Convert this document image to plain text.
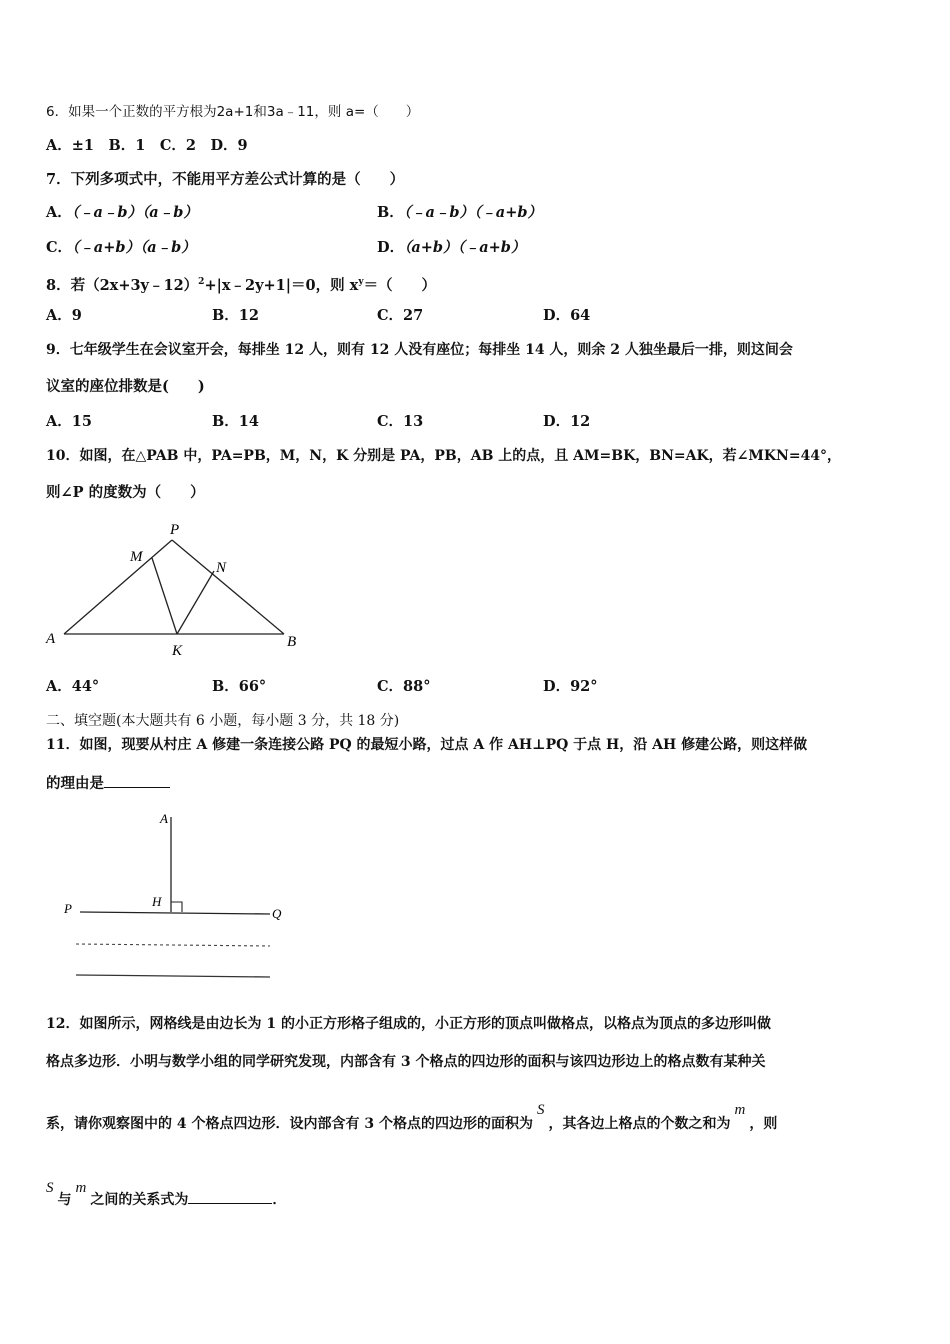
6．如果一个正数的平方根为2a+1和3a﹣11，则 a=（　　）
A．±1　B．1　C．2　D．9
7．下列多项式中，不能用平方差公式计算的是（　　）
A．（﹣a﹣b）（a﹣b）	B．（﹣a﹣b）（﹣a+b）
C．（﹣a+b）（a﹣b）	D．（a+b）（﹣a+b）
8．若（2x+3y﹣12）$^2$+|x﹣2y+1|＝0，则 $x^y=$（　　）
A．9	B．12	C．27	D．64
9．七年级学生在会议室开会，每排坐 12 人，则有 12 人没有座位；每排坐 14 人，则余 2 人独坐最后一排，则这间会
议室的座位排数是(　　)
A．15	B．14	C．13	D．12
10．如图，在△PAB 中，PA=PB，M，N，K 分别是 PA，PB，AB 上的点，且 AM=BK，BN=AK，若∠MKN=44°，
则∠P 的度数为（　　）
P
M
N
A
K
B
A．44°	B．66°	C．88°	D．92°
二、填空题(本大题共有 6 小题，每小题 3 分，共 18 分)
11．如图，现要从村庄 A 修建一条连接公路 PQ 的最短小路，过点 A 作 AH⊥PQ 于点 H，沿 AH 修建公路，则这样做
的理由是
A
H
P	Q
12．如图所示，网格线是由边长为 1 的小正方形格子组成的，小正方形的顶点叫做格点，以格点为顶点的多边形叫做
格点多边形．小明与数学小组的同学研究发现，内部含有 3 个格点的四边形的面积与该四边形边上的格点数有某种关
系，请你观察图中的 4 个格点四边形．设内部含有 3 个格点的四边形的面积为S，其各边上格点的个数之和为m，则
S与m之间的关系式为	．
